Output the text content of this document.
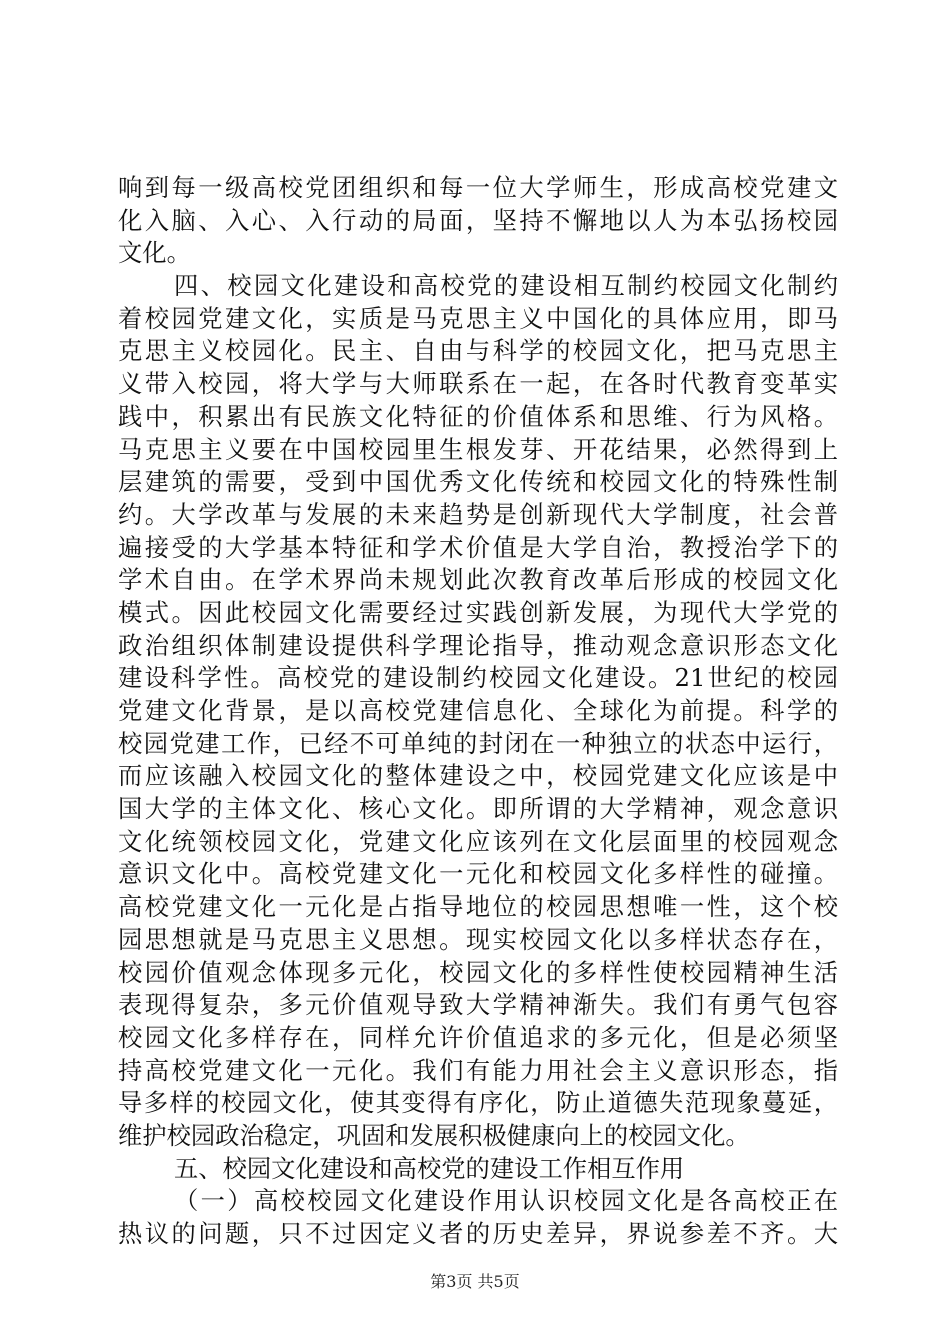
响到每一级高校党团组织和每一位大学师生，形成高校党建文
化入脑、入心、入行动的局面，坚持不懈地以人为本弘扬校园
文化。
四、校园文化建设和高校党的建设相互制约校园文化制约
着校园党建文化，实质是马克思主义中国化的具体应用，即马
克思主义校园化。民主、自由与科学的校园文化，把马克思主
义带入校园，将大学与大师联系在一起，在各时代教育变革实
践中，积累出有民族文化特征的价值体系和思维、行为风格。
马克思主义要在中国校园里生根发芽、开花结果，必然得到上
层建筑的需要，受到中国优秀文化传统和校园文化的特殊性制
约。大学改革与发展的未来趋势是创新现代大学制度，社会普
遍接受的大学基本特征和学术价值是大学自治，教授治学下的
学术自由。在学术界尚未规划此次教育改革后形成的校园文化
模式。因此校园文化需要经过实践创新发展，为现代大学党的
政治组织体制建设提供科学理论指导，推动观念意识形态文化
建设科学性。高校党的建设制约校园文化建设。21世纪的校园
党建文化背景，是以高校党建信息化、全球化为前提。科学的
校园党建工作，已经不可单纯的封闭在一种独立的状态中运行，
而应该融入校园文化的整体建设之中，校园党建文化应该是中
国大学的主体文化、核心文化。即所谓的大学精神，观念意识
文化统领校园文化，党建文化应该列在文化层面里的校园观念
意识文化中。高校党建文化一元化和校园文化多样性的碰撞。
高校党建文化一元化是占指导地位的校园思想唯一性，这个校
园思想就是马克思主义思想。现实校园文化以多样状态存在，
校园价值观念体现多元化，校园文化的多样性使校园精神生活
表现得复杂，多元价值观导致大学精神渐失。我们有勇气包容
校园文化多样存在，同样允许价值追求的多元化，但是必须坚
持高校党建文化一元化。我们有能力用社会主义意识形态，指
导多样的校园文化，使其变得有序化，防止道德失范现象蔓延，
维护校园政治稳定，巩固和发展积极健康向上的校园文化。
五、校园文化建设和高校党的建设工作相互作用
（一）高校校园文化建设作用认识校园文化是各高校正在
热议的问题，只不过因定义者的历史差异，界说参差不齐。大
第3页 共5页
